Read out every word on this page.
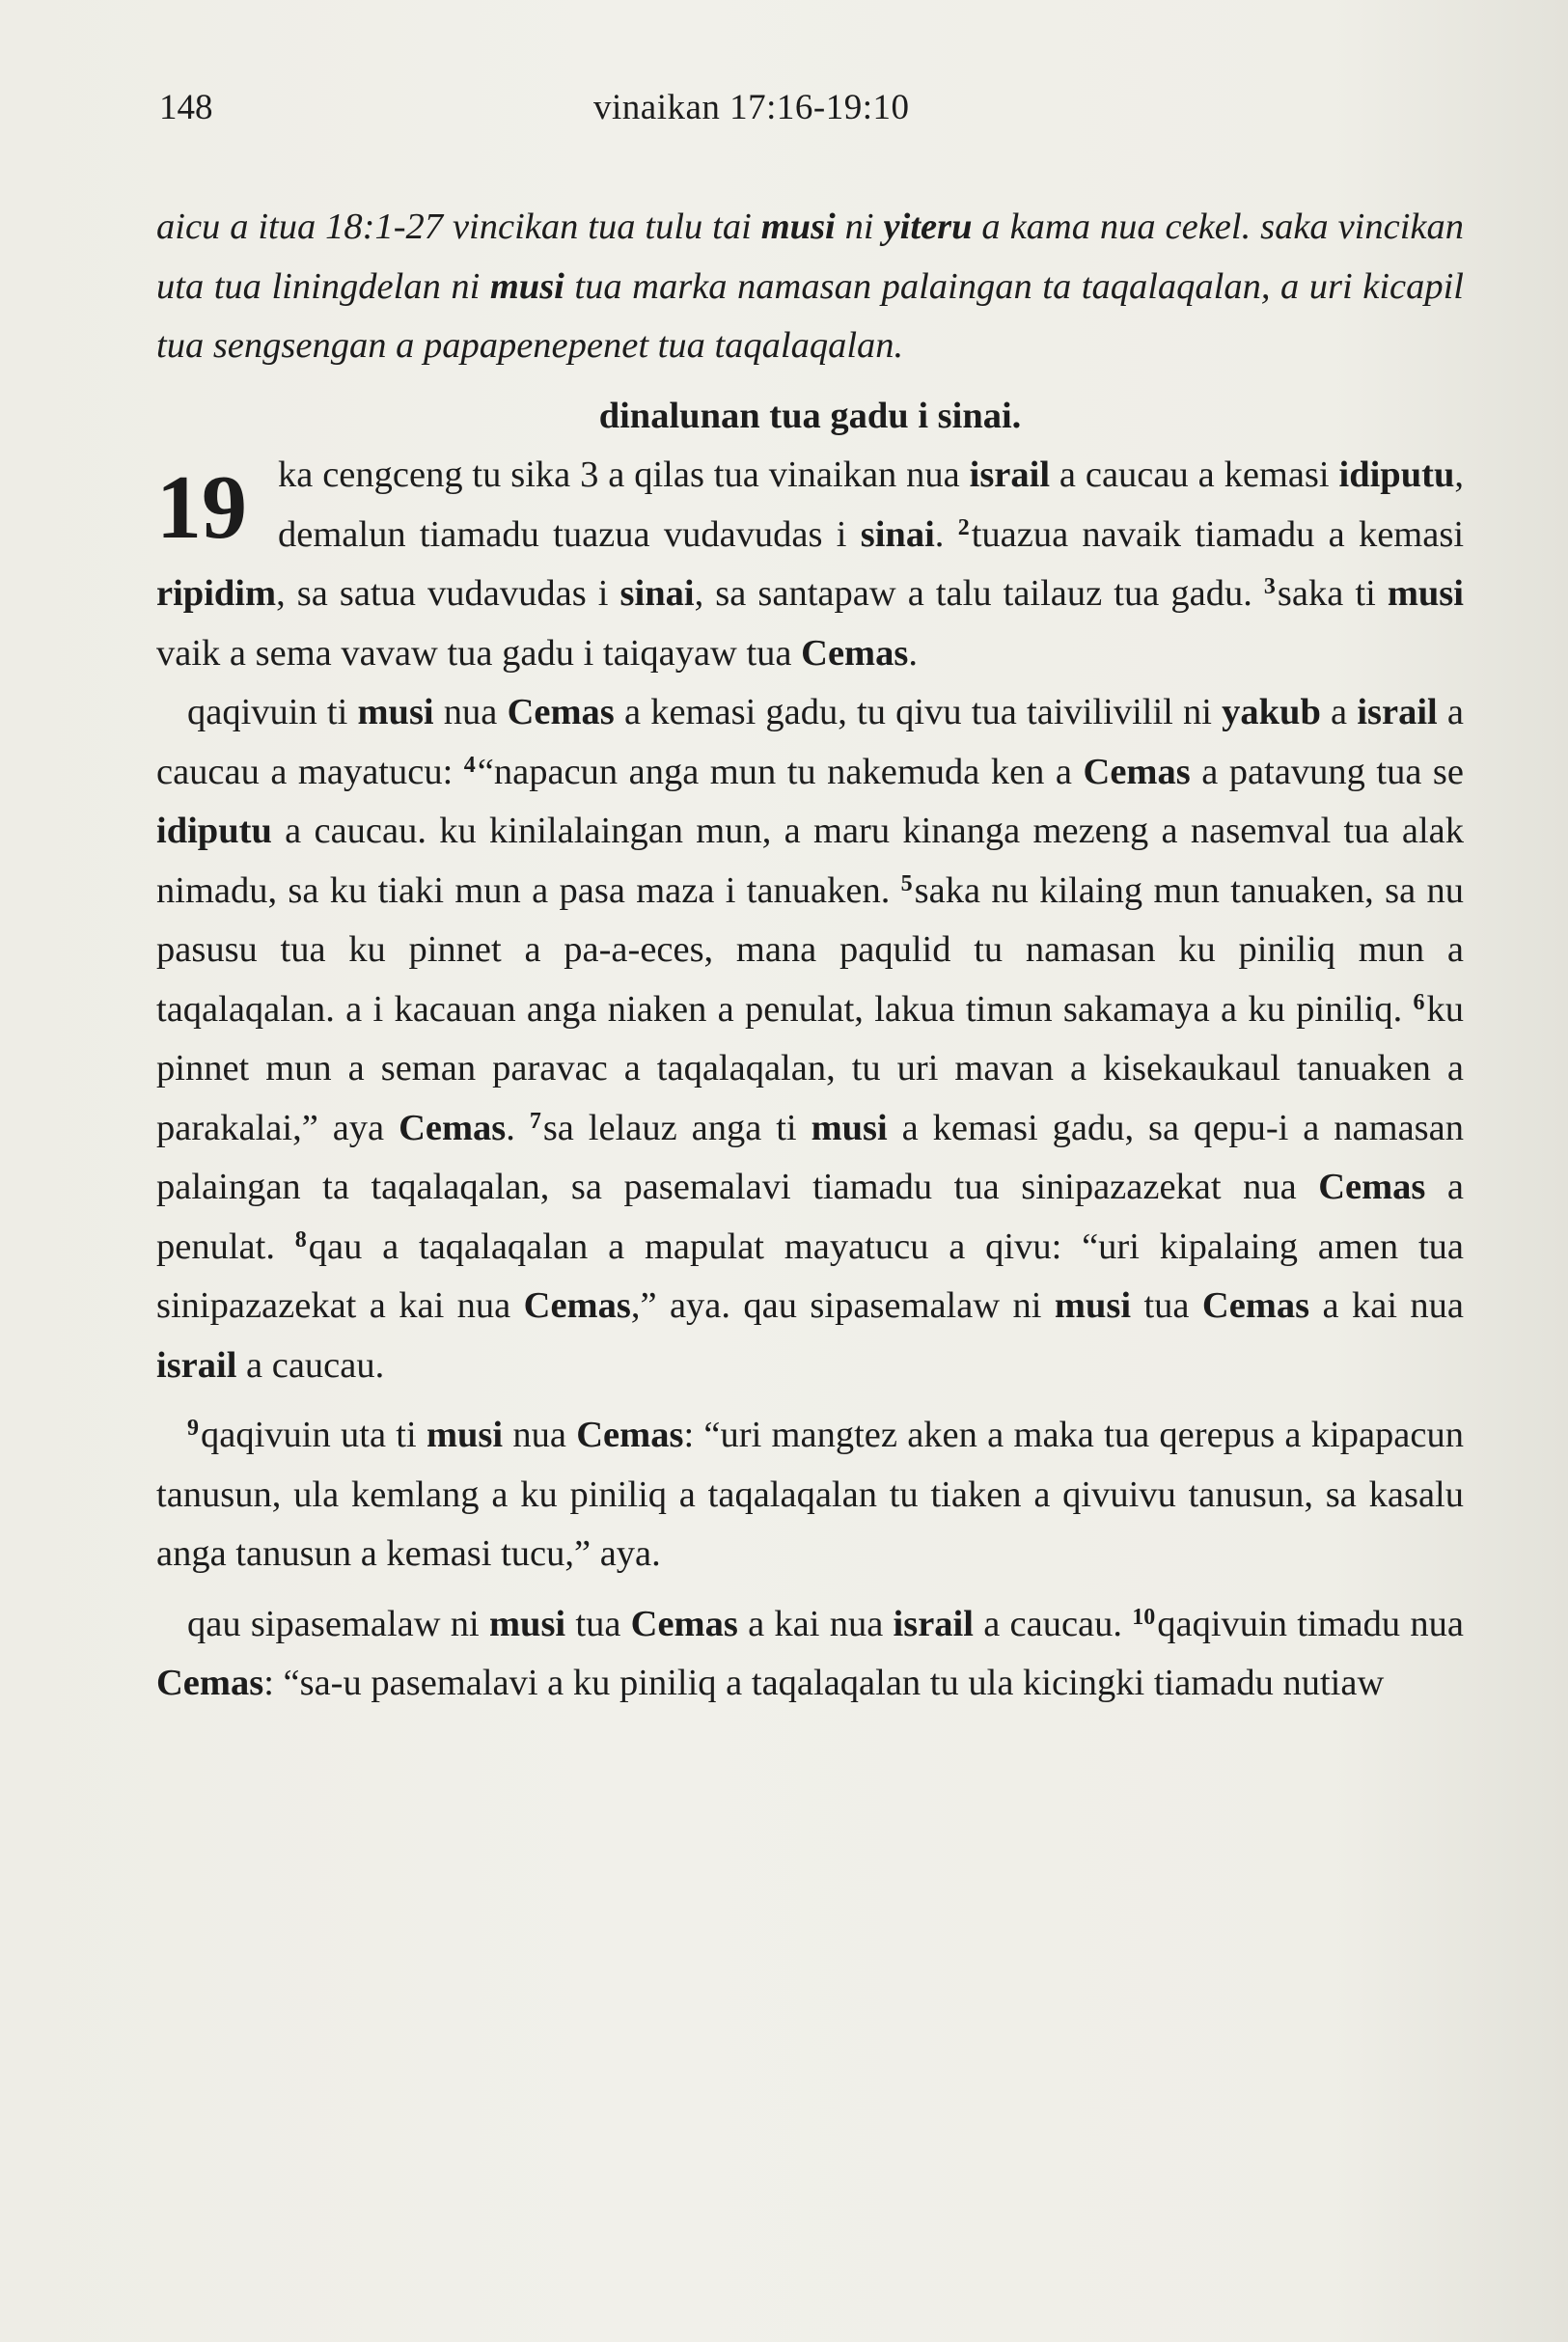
148	vinaikan 17:16-19:10

aicu a itua 18:1-27 vincikan tua tulu tai musi ni yiteru a kama nua cekel. saka vincikan uta tua liningdelan ni musi tua marka namasan palaingan ta taqalaqalan, a uri kicapil tua sengsengan a papapenepenet tua taqalaqalan.

dinalunan tua gadu i sinai.

19 ka cengceng tu sika 3 a qilas tua vinaikan nua israil a caucau a kemasi idiputu, demalun tiamadu tuazua vudavudas i sinai. $^2$tuazua navaik tiamadu a kemasi ripidim, sa satua vudavudas i sinai, sa santapaw a talu tailauz tua gadu. $^3$saka ti musi vaik a sema vavaw tua gadu i taiqayaw tua Cemas.

qaqivuin ti musi nua Cemas a kemasi gadu, tu qivu tua taivilivilil ni yakub a israil a caucau a mayatucu: $^4$“napacun anga mun tu nakemuda ken a Cemas a patavung tua se idiputu a caucau. ku kinilalaingan mun, a maru kinanga mezeng a nasemval tua alak nimadu, sa ku tiaki mun a pasa maza i tanuaken. $^5$saka nu kilaing mun tanuaken, sa nu pasusu tua ku pinnet a pa-a-eces, mana paqulid tu namasan ku piniliq mun a taqalaqalan. a i kacauan anga niaken a penulat, lakua timun sakamaya a ku piniliq. $^6$ku pinnet mun a seman paravac a taqalaqalan, tu uri mavan a kisekaukaul tanuaken a parakalai,” aya Cemas. $^7$sa lelauz anga ti musi a kemasi gadu, sa qepu-i a namasan palaingan ta taqalaqalan, sa pasemalavi tiamadu tua sinipazazekat nua Cemas a penulat. $^8$qau a taqalaqalan a mapulat mayatucu a qivu: “uri kipalaing amen tua sinipazazekat a kai nua Cemas,” aya. qau sipasemalaw ni musi tua Cemas a kai nua israil a caucau.

$^9$qaqivuin uta ti musi nua Cemas: “uri mangtez aken a maka tua qerepus a kipapacun tanusun, ula kemlang a ku piniliq a taqalaqalan tu tiaken a qivuivu tanusun, sa kasalu anga tanusun a kemasi tucu,” aya.

qau sipasemalaw ni musi tua Cemas a kai nua israil a caucau. $^{10}$qaqivuin timadu nua Cemas: “sa-u pasemalavi a ku piniliq a taqalaqalan tu ula kicingki tiamadu nutiaw
